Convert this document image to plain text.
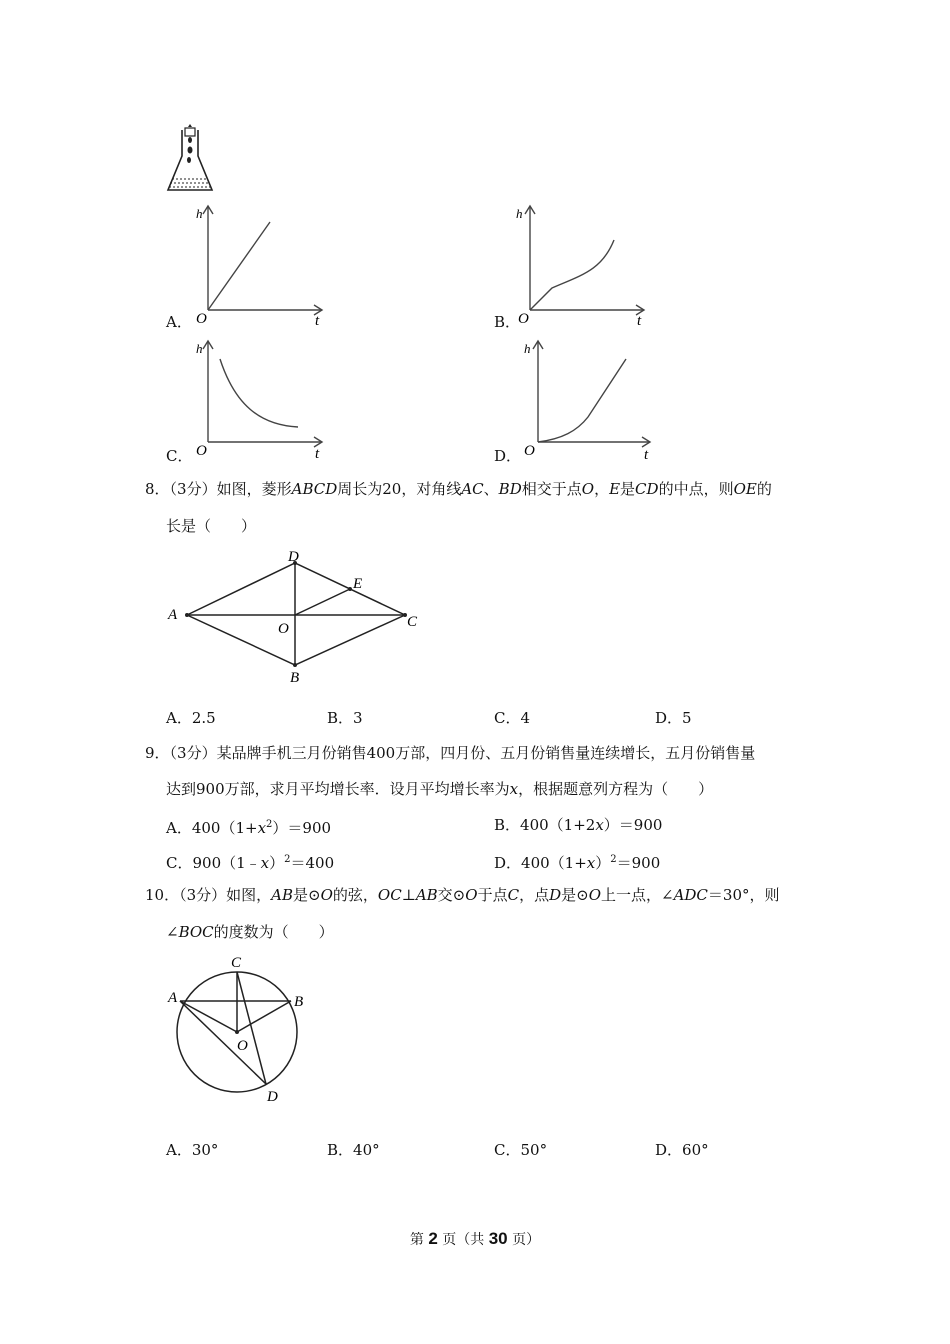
O	t
h
A．	O	t
h
B．
O	t
h
C．	O	t
h
D．
8．（3分）如图，菱形ABCD周长为20，对角线AC、BD相交于点O，E是CD的中点，则OE的
长是（　　）
A
D
E
C
O
B
A．2.5	B．3	C．4	D．5
9．（3分）某品牌手机三月份销售400万部，四月份、五月份销售量连续增长，五月份销售量
达到900万部，求月平均增长率．设月平均增长率为x，根据题意列方程为（　　）
A．$400(1+x^2)=900$	B．400（1+2x）＝900
C．900（1﹣x）$^2$＝400	D．$400(1+x)^2=900$
10．（3分）如图，AB是⊙O的弦，OC⊥AB交⊙O于点C，点D是⊙O上一点，∠ADC＝30°，则
∠BOC的度数为（　　）
C
A	B
O
D
A．30°	B．40°	C．50°	D．60°
第 2 页（共 30 页）
